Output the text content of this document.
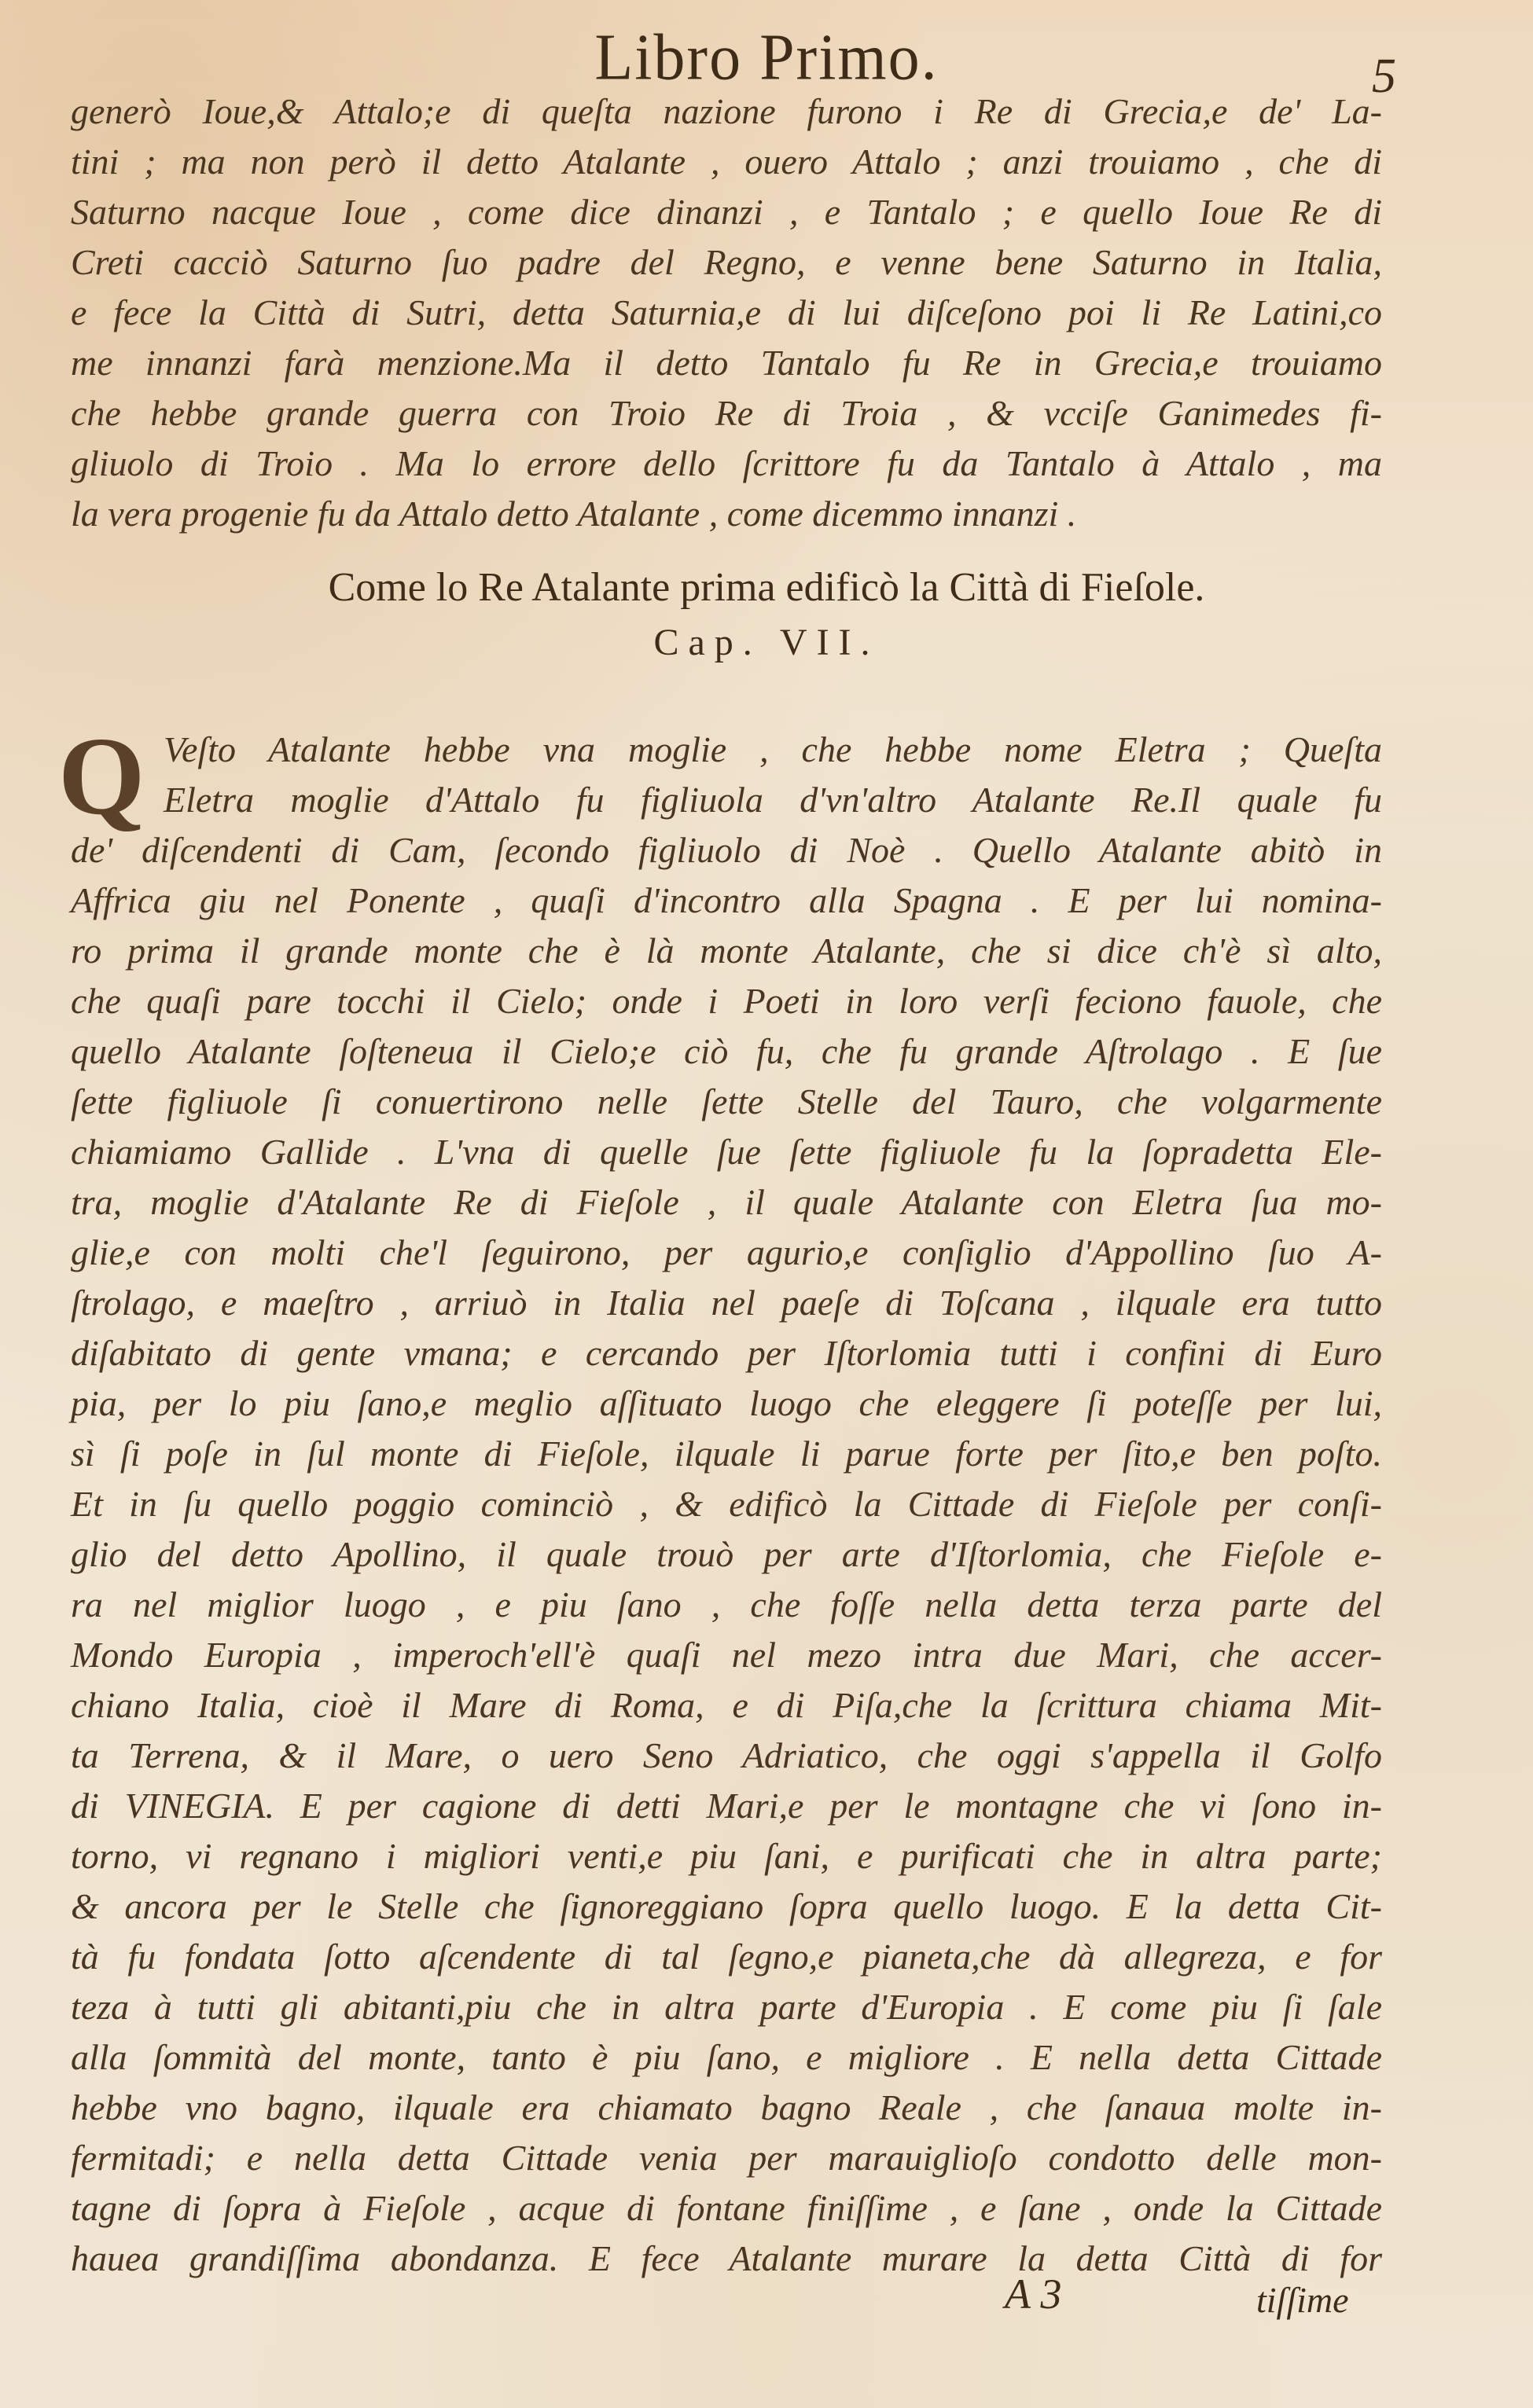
Libro Primo.	5
generò Ioue,& Attalo;e di queſta nazione furono i Re di Grecia,e de' La-
tini ; ma non però il detto Atalante , ouero Attalo ; anzi trouiamo , che di
Saturno nacque Ioue , come dice dinanzi , e Tantalo ; e quello Ioue Re di
Creti cacciò Saturno ſuo padre del Regno, e venne bene Saturno in Italia,
e fece la Città di Sutri, detta Saturnia,e di lui diſceſono poi li Re Latini,co
me innanzi farà menzione.Ma il detto Tantalo fu Re in Grecia,e trouiamo
che hebbe grande guerra con Troio Re di Troia , & vcciſe Ganimedes fi-
gliuolo di Troio . Ma lo errore dello ſcrittore fu da Tantalo à Attalo , ma
la vera progenie fu da Attalo detto Atalante , come dicemmo innanzi .
Come lo Re Atalante prima edificò la Città di Fieſole.
Cap. VII.
Q Veſto Atalante hebbe vna moglie , che hebbe nome Eletra ; Queſta
Eletra moglie d'Attalo fu figliuola d'vn'altro Atalante Re.Il quale fu
de' diſcendenti di Cam, ſecondo figliuolo di Noè . Quello Atalante abitò in
Affrica giu nel Ponente , quaſi d'incontro alla Spagna . E per lui nomina-
ro prima il grande monte che è là monte Atalante, che si dice ch'è sì alto,
che quaſi pare tocchi il Cielo; onde i Poeti in loro verſi fecionо fauole, che
quello Atalante ſoſteneua il Cielo;e ciò fu, che fu grande Aſtrolago . E ſue
ſette figliuole ſi conuertirono nelle ſette Stelle del Tauro, che volgarmente
chiamiamo Gallide . L'vna di quelle ſue ſette figliuole fu la ſopradetta Ele-
tra, moglie d'Atalante Re di Fieſole , il quale Atalante con Eletra ſua mo-
glie,e con molti che'l ſeguirono, per agurio,e conſiglio d'Appollino ſuo A-
ſtrolago, e maeſtro , arriuò in Italia nel paeſe di Toſcana , ilquale era tutto
diſabitato di gente vmana; e cercando per Iſtorlomia tutti i confini di Euro
pia, per lo piu ſano,e meglio aſſituato luogo che eleggere ſi poteſſe per lui,
sì ſi poſe in ſul monte di Fieſole, ilquale li parue forte per ſito,e ben poſto.
Et in ſu quello poggio cominciò , & edificò la Cittade di Fieſole per conſi-
glio del detto Apollino, il quale trouò per arte d'Iſtorlomia, che Fieſole e-
ra nel miglior luogo , e piu ſano , che foſſe nella detta terza parte del
Mondo Europia , imperoch'ell'è quaſi nel mezo intra due Mari, che accer-
chiano Italia, cioè il Mare di Roma, e di Piſa,che la ſcrittura chiama Mit-
ta Terrena, & il Mare, o uero Seno Adriatico, che oggi s'appella il Golfo
di VINEGIA. E per cagione di detti Mari,e per le montagne che vi ſono in-
torno, vi regnano i migliori venti,e piu ſani, e purificati che in altra parte;
& ancora per le Stelle che ſignoreggiano ſopra quello luogo. E la detta Cit-
tà fu fondata ſotto aſcendente di tal ſegno,e pianeta,che dà allegreza, e for
teza à tutti gli abitanti,piu che in altra parte d'Europia . E come piu ſi ſale
alla ſommità del monte, tanto è piu ſano, e migliore . E nella detta Cittade
hebbe vno bagno, ilquale era chiamato bagno Reale , che ſanaua molte in-
fermitadi; e nella detta Cittade venia per marauiglioſo condotto delle mon-
tagne di ſopra à Fieſole , acque di fontane finiſſime , e ſane , onde la Cittade
hauea grandiſſima abondanza. E fece Atalante murare la detta Città di for
A 3	tiſſime
